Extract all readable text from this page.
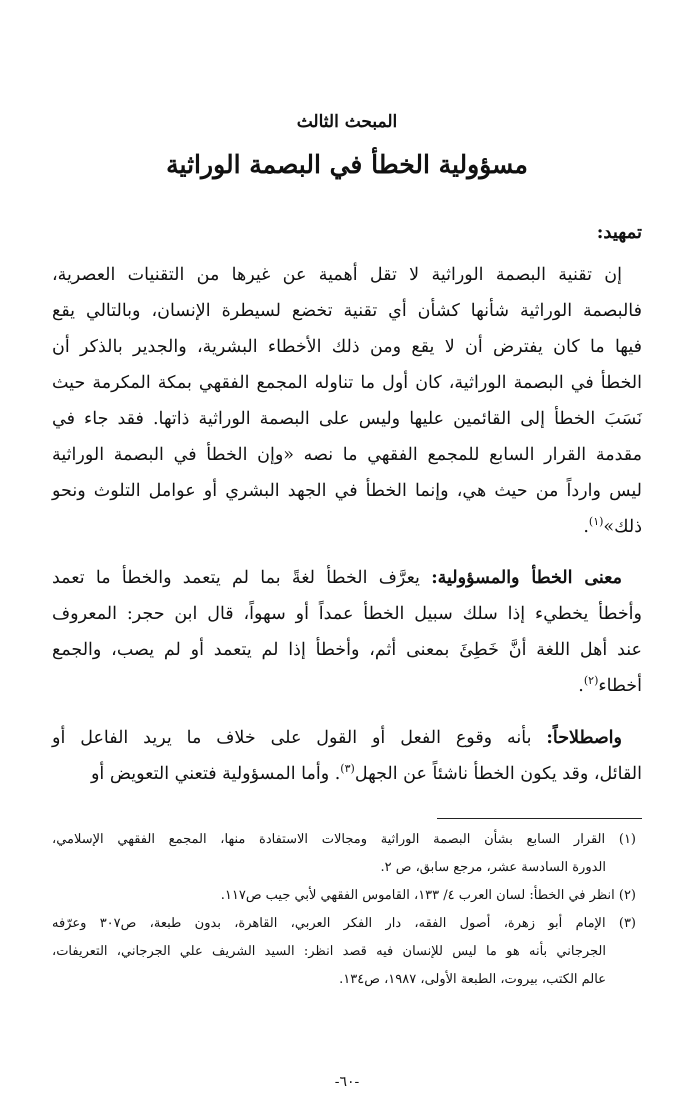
المبحث الثالث
مسؤولية الخطأ في البصمة الوراثية
تمهيد:
إن تقنية البصمة الوراثية لا تقل أهمية عن غيرها من التقنيات العصرية،
فالبصمة الوراثية شأنها كشأن أي تقنية تخضع لسيطرة الإنسان، وبالتالي يقع
فيها ما كان يفترض أن لا يقع ومن ذلك الأخطاء البشرية، والجدير بالذكر أن
الخطأ في البصمة الوراثية، كان أول ما تناوله المجمع الفقهي بمكة المكرمة حيث
نَسَبَ الخطأ إلى القائمين عليها وليس على البصمة الوراثية ذاتها. فقد جاء في
مقدمة القرار السابع للمجمع الفقهي ما نصه «وإن الخطأ في البصمة الوراثية
ليس وارداً من حيث هي، وإنما الخطأ في الجهد البشري أو عوامل التلوث ونحو
ذلك»$^{(١)}$.
معنى الخطأ والمسؤولية: يعرَّف الخطأ لغةً بما لم يتعمد والخطأ ما تعمد
وأخطأ يخطيء إذا سلك سبيل الخطأ عمداً أو سهواً، قال ابن حجر: المعروف
عند أهل اللغة أنَّ خَطِئَ بمعنى أثم، وأخطأ إذا لم يتعمد أو لم يصب، والجمع
أخطاء$^{(٢)}$.
واصطلاحاً: بأنه وقوع الفعل أو القول على خلاف ما يريد الفاعل أو
القائل، وقد يكون الخطأ ناشئاً عن الجهل$^{(٣)}$. وأما المسؤولية فتعني التعويض أو
(١) القرار السابع بشأن البصمة الوراثية ومجالات الاستفادة منها، المجمع الفقهي الإسلامي،
الدورة السادسة عشر، مرجع سابق، ص ٢.
(٢) انظر في الخطأ: لسان العرب ٤/ ١٣٣، القاموس الفقهي لأبي جيب ص١١٧.
(٣) الإمام أبو زهرة، أصول الفقه، دار الفكر العربي، القاهرة، بدون طبعة، ص٣٠٧ وعرّفه
الجرجاني بأنه هو ما ليس للإنسان فيه قصد انظر: السيد الشريف علي الجرجاني، التعريفات،
عالم الكتب، بيروت، الطبعة الأولى، ١٩٨٧، ص١٣٤.
-٦٠-
